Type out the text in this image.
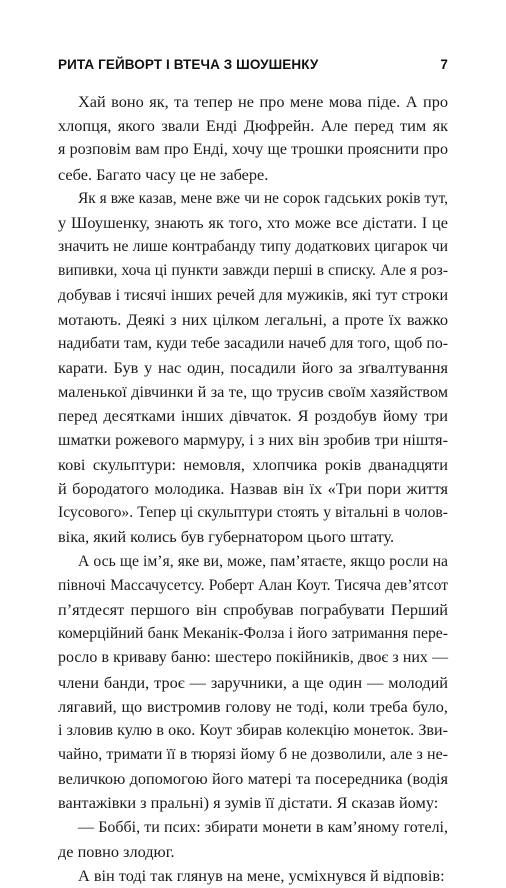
РИТА ГЕЙВОРТ І ВТЕЧА З ШОУШЕНКУ	7
Хай воно як, та тепер не про мене мова піде. А про
хлопця, якого звали Енді Дюфрейн. Але перед тим як
я розповім вам про Енді, хочу ще трошки прояснити про
себе. Багато часу це не забере.
Як я вже казав, мене вже чи не сорок гадських років тут,
у Шоушенку, знають як того, хто може все дістати. І це
значить не лише контрабанду типу додаткових цигарок чи
випивки, хоча ці пункти завжди перші в списку. Але я роз-
добував і тисячі інших речей для мужиків, які тут строки
мотають. Деякі з них цілком легальні, а проте їх важко
надибати там, куди тебе засадили начеб для того, щоб по-
карати. Був у нас один, посадили його за зґвалтування
маленької дівчинки й за те, що трусив своїм хазяйством
перед десятками інших дівчаток. Я роздобув йому три
шматки рожевого мармуру, і з них він зробив три ніштя-
кові скульптури: немовля, хлопчика років дванадцяти
й бородатого молодика. Назвав він їх «Три пори життя
Ісусового». Тепер ці скульптури стоять у вітальні в чолов-
віка, який колись був губернатором цього штату.
А ось ще ім’я, яке ви, може, пам’ятаєте, якщо росли на
півночі Массачусетсу. Роберт Алан Коут. Тисяча дев’ятсот
п’ятдесят першого він спробував пограбувати Перший
комерційний банк Меканік-Фолза і його затримання пере-
росло в криваву баню: шестеро покійників, двоє з них —
члени банди, троє — заручники, а ще один — молодий
лягавий, що вистромив голову не тоді, коли треба було,
і зловив кулю в око. Коут збирав колекцію монеток. Зви-
чайно, тримати її в тюрязі йому б не дозволили, але з не-
величкою допомогою його матері та посередника (водія
вантажівки з пральні) я зумів її дістати. Я сказав йому:
— Боббі, ти псих: збирати монети в кам’яному готелі,
де повно злодюг.
А він тоді так глянув на мене, усміхнувся й відповів:
